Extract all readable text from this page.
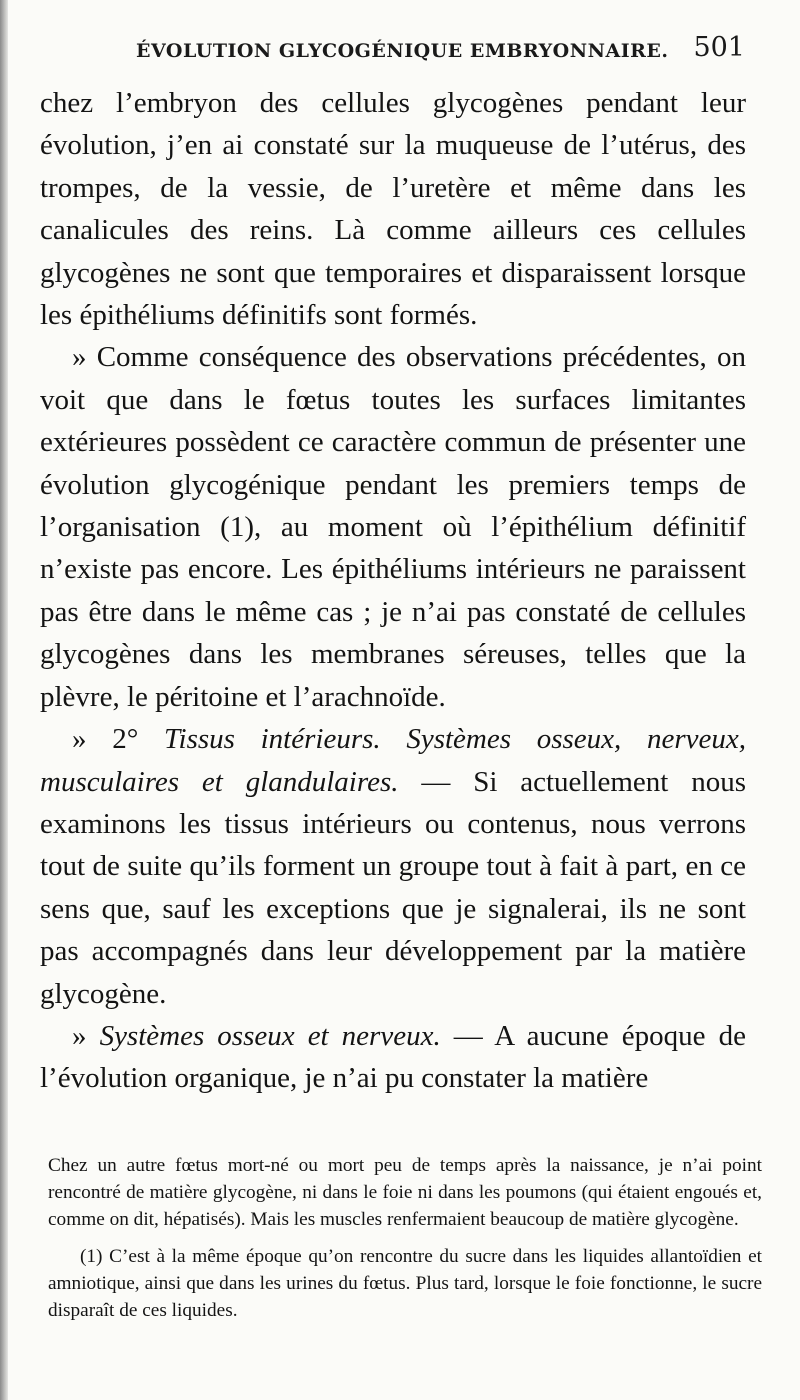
ÉVOLUTION GLYCOGÉNIQUE EMBRYONNAIRE. 501

chez l’embryon des cellules glycogènes pendant leur évolution, j’en ai constaté sur la muqueuse de l’utérus, des trompes, de la vessie, de l’uretère et même dans les canalicules des reins. Là comme ailleurs ces cellules glycogènes ne sont que temporaires et disparaissent lorsque les épithéliums définitifs sont formés.

» Comme conséquence des observations précédentes, on voit que dans le fœtus toutes les surfaces limitantes extérieures possèdent ce caractère commun de présenter une évolution glycogénique pendant les premiers temps de l’organisation (1), au moment où l’épithélium définitif n’existe pas encore. Les épithéliums intérieurs ne paraissent pas être dans le même cas ; je n’ai pas constaté de cellules glycogènes dans les membranes séreuses, telles que la plèvre, le péritoine et l’arachnoïde.

» 2° Tissus intérieurs. Systèmes osseux, nerveux, musculaires et glandulaires. — Si actuellement nous examinons les tissus intérieurs ou contenus, nous verrons tout de suite qu’ils forment un groupe tout à fait à part, en ce sens que, sauf les exceptions que je signalerai, ils ne sont pas accompagnés dans leur développement par la matière glycogène.

» Systèmes osseux et nerveux. — A aucune époque de l’évolution organique, je n’ai pu constater la matière

Chez un autre fœtus mort-né ou mort peu de temps après la naissance, je n’ai point rencontré de matière glycogène, ni dans le foie ni dans les poumons (qui étaient engoués et, comme on dit, hépatisés). Mais les muscles renfermaient beaucoup de matière glycogène.

(1) C’est à la même époque qu’on rencontre du sucre dans les liquides allantoïdien et amniotique, ainsi que dans les urines du fœtus. Plus tard, lorsque le foie fonctionne, le sucre disparaît de ces liquides.
